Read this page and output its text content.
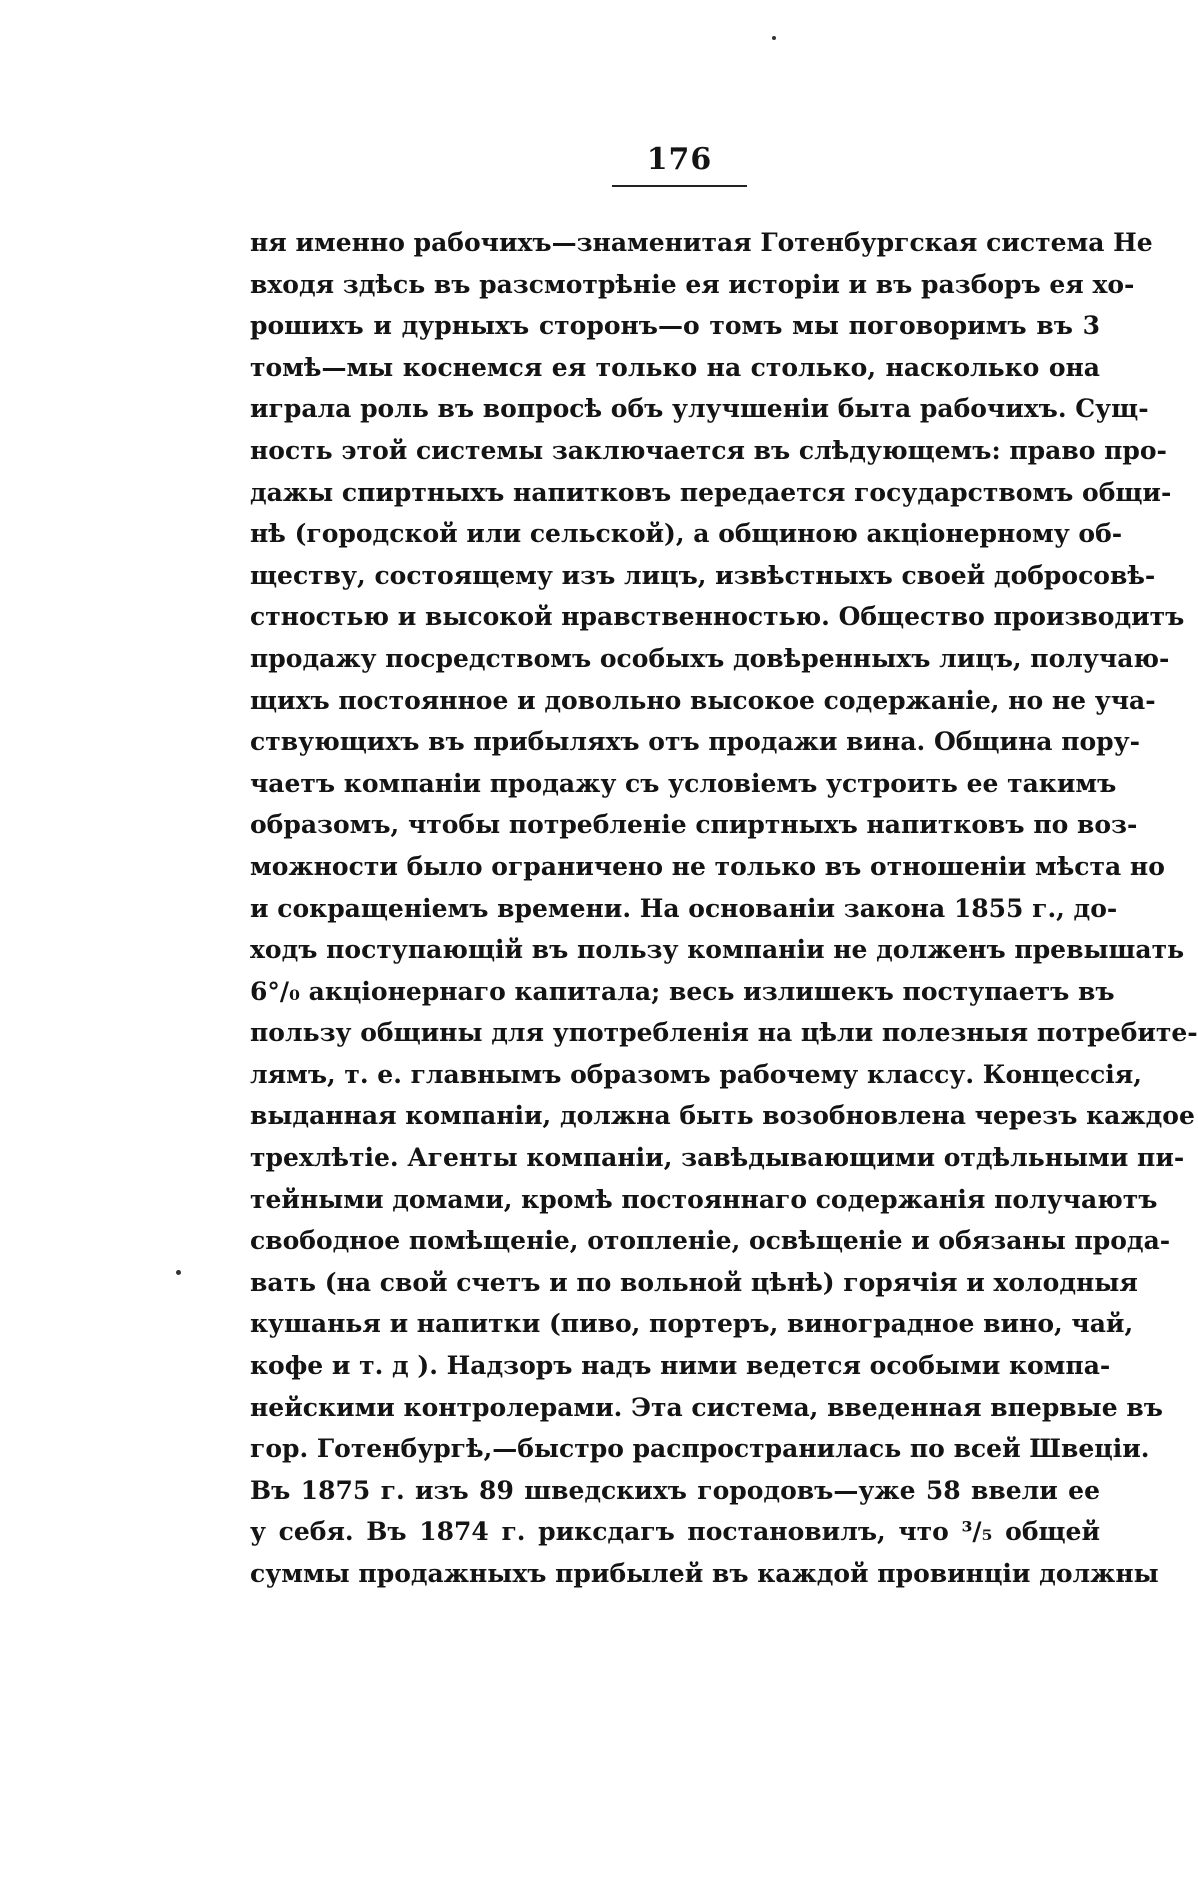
176
ня именно рабочихъ—знаменитая Готенбургская система Не
входя здѣсь въ разсмотрѣніе ея исторіи и въ разборъ ея хо-
рошихъ и дурныхъ сторонъ—о томъ мы поговоримъ въ 3
томѣ—мы коснемся ея только на столько, насколько она
играла роль въ вопросѣ объ улучшеніи быта рабочихъ. Сущ-
ность этой системы заключается въ слѣдующемъ: право про-
дажы спиртныхъ напитковъ передается государствомъ общи-
нѣ (городской или сельской), а общиною акціонерному об-
ществу, состоящему изъ лицъ, извѣстныхъ своей добросовѣ-
стностью и высокой нравственностью. Общество производитъ
продажу посредствомъ особыхъ довѣренныхъ лицъ, получаю-
щихъ постоянное и довольно высокое содержаніе, но не уча-
ствующихъ въ прибыляхъ отъ продажи вина. Община пору-
чаетъ компаніи продажу съ условіемъ устроить ее такимъ
образомъ, чтобы потребленіе спиртныхъ напитковъ по воз-
можности было ограничено не только въ отношеніи мѣста но
и сокращеніемъ времени. На основаніи закона 1855 г., до-
ходъ поступающій въ пользу компаніи не долженъ превышать
6°/₀ акціонернаго капитала; весь излишекъ поступаетъ въ
пользу общины для употребленія на цѣли полезныя потребите-
лямъ, т. е. главнымъ образомъ рабочему классу. Концессія,
выданная компаніи, должна быть возобновлена черезъ каждое
трехлѣтіе. Агенты компаніи, завѣдывающими отдѣльными пи-
тейными домами, кромѣ постояннаго содержанія получаютъ
свободное помѣщеніе, отопленіе, освѣщеніе и обязаны прода-
вать (на свой счетъ и по вольной цѣнѣ) горячія и холодныя
кушанья и напитки (пиво, портеръ, виноградное вино, чай,
кофе и т. д ). Надзоръ надъ ними ведется особыми компа-
нейскими контролерами. Эта система, введенная впервые въ
гор. Готенбургѣ,—быстро распространилась по всей Швеціи.
Въ 1875 г. изъ 89 шведскихъ городовъ—уже 58 ввели ее
у себя. Въ 1874 г. риксдагъ постановилъ, что ³/₅ общей
суммы продажныхъ прибылей въ каждой провинціи должны
